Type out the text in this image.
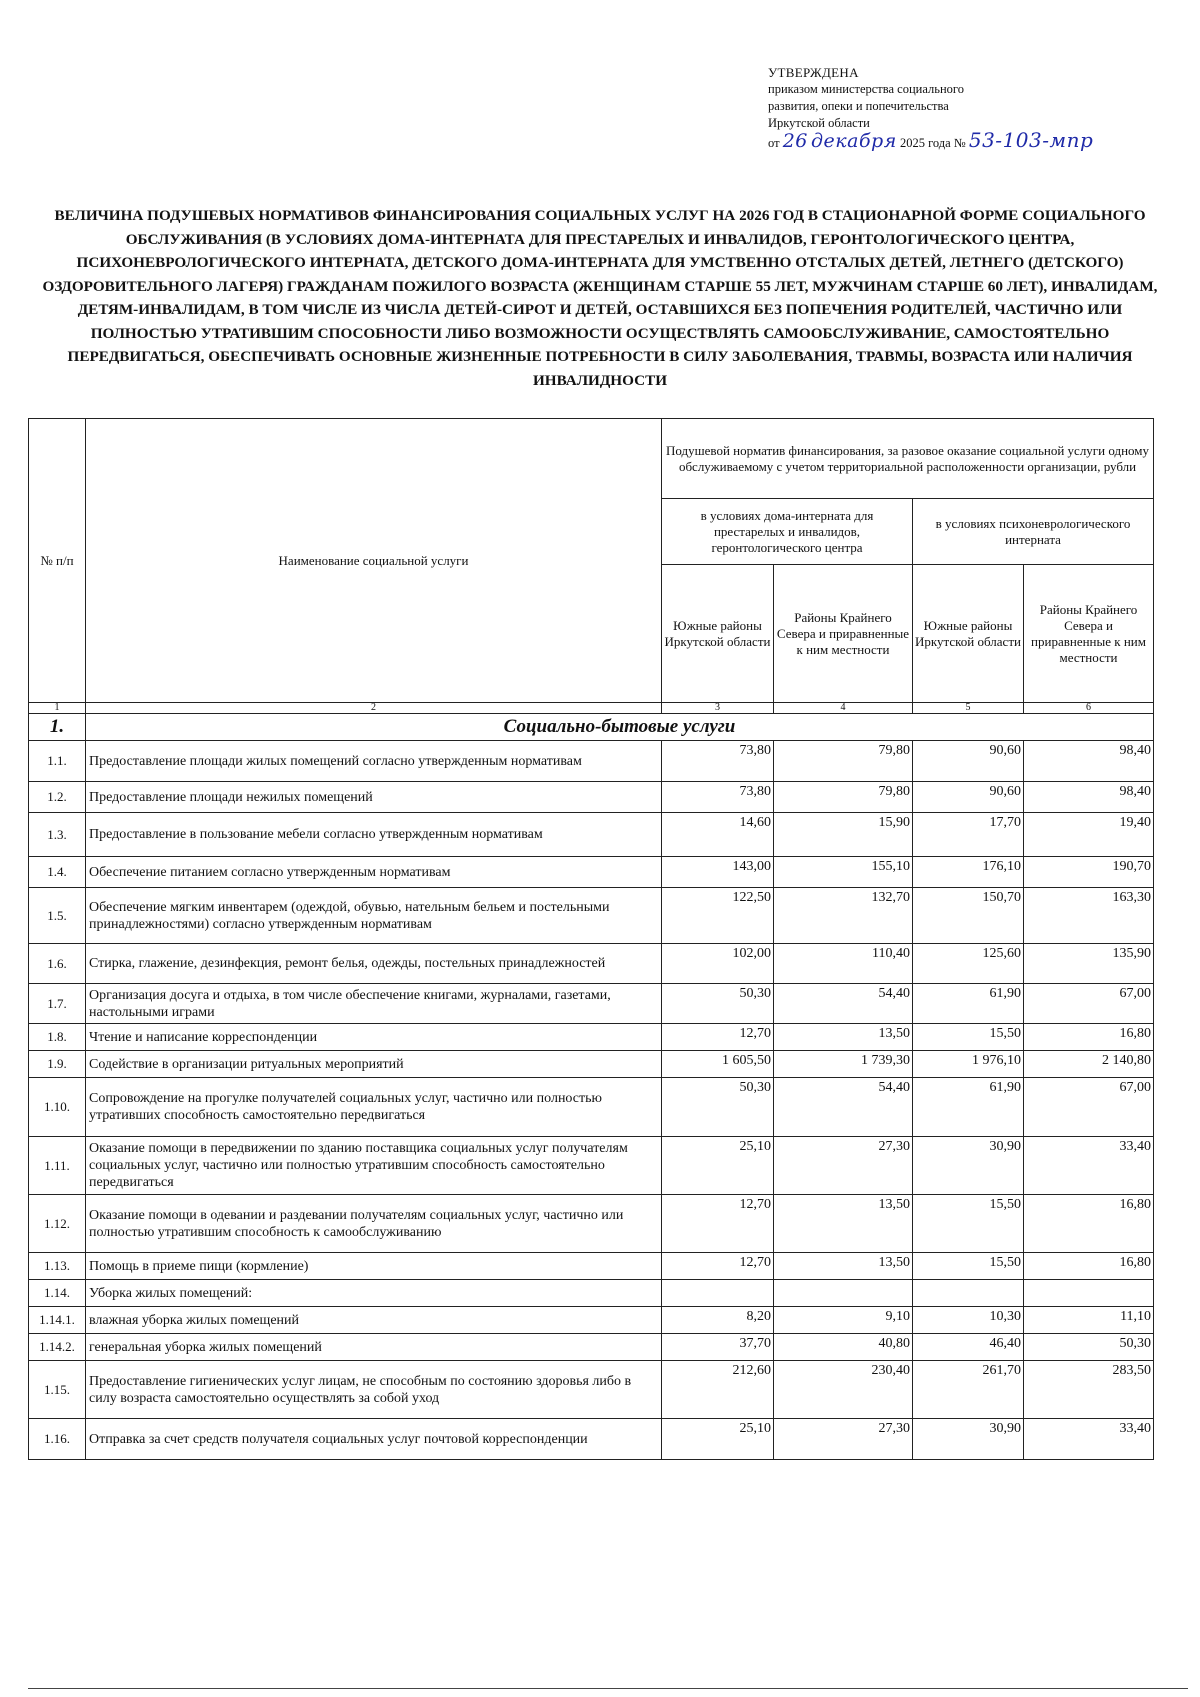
УТВЕРЖДЕНА
приказом министерства социального
развития, опеки и попечительства
Иркутской области
от 26 декабря 2025 года № 53-103-мпр
ВЕЛИЧИНА ПОДУШЕВЫХ НОРМАТИВОВ ФИНАНСИРОВАНИЯ СОЦИАЛЬНЫХ УСЛУГ НА 2026 ГОД В СТАЦИОНАРНОЙ ФОРМЕ СОЦИАЛЬНОГО ОБСЛУЖИВАНИЯ (В УСЛОВИЯХ ДОМА-ИНТЕРНАТА ДЛЯ ПРЕСТАРЕЛЫХ И ИНВАЛИДОВ, ГЕРОНТОЛОГИЧЕСКОГО ЦЕНТРА, ПСИХОНЕВРОЛОГИЧЕСКОГО ИНТЕРНАТА, ДЕТСКОГО ДОМА-ИНТЕРНАТА ДЛЯ УМСТВЕННО ОТСТАЛЫХ ДЕТЕЙ, ЛЕТНЕГО (ДЕТСКОГО) ОЗДОРОВИТЕЛЬНОГО ЛАГЕРЯ) ГРАЖДАНАМ ПОЖИЛОГО ВОЗРАСТА (ЖЕНЩИНАМ СТАРШЕ 55 ЛЕТ, МУЖЧИНАМ СТАРШЕ 60 ЛЕТ), ИНВАЛИДАМ, ДЕТЯМ-ИНВАЛИДАМ, В ТОМ ЧИСЛЕ ИЗ ЧИСЛА ДЕТЕЙ-СИРОТ И ДЕТЕЙ, ОСТАВШИХСЯ БЕЗ ПОПЕЧЕНИЯ РОДИТЕЛЕЙ, ЧАСТИЧНО ИЛИ ПОЛНОСТЬЮ УТРАТИВШИМ СПОСОБНОСТИ ЛИБО ВОЗМОЖНОСТИ ОСУЩЕСТВЛЯТЬ САМООБСЛУЖИВАНИЕ, САМОСТОЯТЕЛЬНО ПЕРЕДВИГАТЬСЯ, ОБЕСПЕЧИВАТЬ ОСНОВНЫЕ ЖИЗНЕННЫЕ ПОТРЕБНОСТИ В СИЛУ ЗАБОЛЕВАНИЯ, ТРАВМЫ, ВОЗРАСТА ИЛИ НАЛИЧИЯ ИНВАЛИДНОСТИ
№ п/п	Наименование социальной услуги	Подушевой норматив финансирования, за разовое оказание социальной услуги одному обслуживаемому с учетом территориальной расположенности организации, рубли			
		в условиях дома-интерната для престарелых и инвалидов, геронтологического центра		в условиях психоневрологического интерната	
		Южные районы Иркутской области	Районы Крайнего Севера и приравненные к ним местности	Южные районы Иркутской области	Районы Крайнего Севера и приравненные к ним местности
1	2	3	4	5	6
1.	Социально-бытовые услуги				
1.1.	Предоставление площади жилых помещений согласно утвержденным нормативам	73,80	79,80	90,60	98,40
1.2.	Предоставление площади нежилых помещений	73,80	79,80	90,60	98,40
1.3.	Предоставление в пользование мебели согласно утвержденным нормативам	14,60	15,90	17,70	19,40
1.4.	Обеспечение питанием согласно утвержденным нормативам	143,00	155,10	176,10	190,70
1.5.	Обеспечение мягким инвентарем (одеждой, обувью, нательным бельем и постельными принадлежностями) согласно утвержденным нормативам	122,50	132,70	150,70	163,30
1.6.	Стирка, глажение, дезинфекция, ремонт белья, одежды, постельных принадлежностей	102,00	110,40	125,60	135,90
1.7.	Организация досуга и отдыха, в том числе обеспечение книгами, журналами, газетами, настольными играми	50,30	54,40	61,90	67,00
1.8.	Чтение и написание корреспонденции	12,70	13,50	15,50	16,80
1.9.	Содействие в организации ритуальных мероприятий	1 605,50	1 739,30	1 976,10	2 140,80
1.10.	Сопровождение на прогулке получателей социальных услуг, частично или полностью утративших способность самостоятельно передвигаться	50,30	54,40	61,90	67,00
1.11.	Оказание помощи в передвижении по зданию поставщика социальных услуг получателям социальных услуг, частично или полностью утратившим способность самостоятельно передвигаться	25,10	27,30	30,90	33,40
1.12.	Оказание помощи в одевании и раздевании получателям социальных услуг, частично или полностью утратившим способность к самообслуживанию	12,70	13,50	15,50	16,80
1.13.	Помощь в приеме пищи (кормление)	12,70	13,50	15,50	16,80
1.14.	Уборка жилых помещений:				
1.14.1.	влажная уборка жилых помещений	8,20	9,10	10,30	11,10
1.14.2.	генеральная уборка жилых помещений	37,70	40,80	46,40	50,30
1.15.	Предоставление гигиенических услуг лицам, не способным по состоянию здоровья либо в силу возраста самостоятельно осуществлять за собой уход	212,60	230,40	261,70	283,50
1.16.	Отправка за счет средств получателя социальных услуг почтовой корреспонденции	25,10	27,30	30,90	33,40
